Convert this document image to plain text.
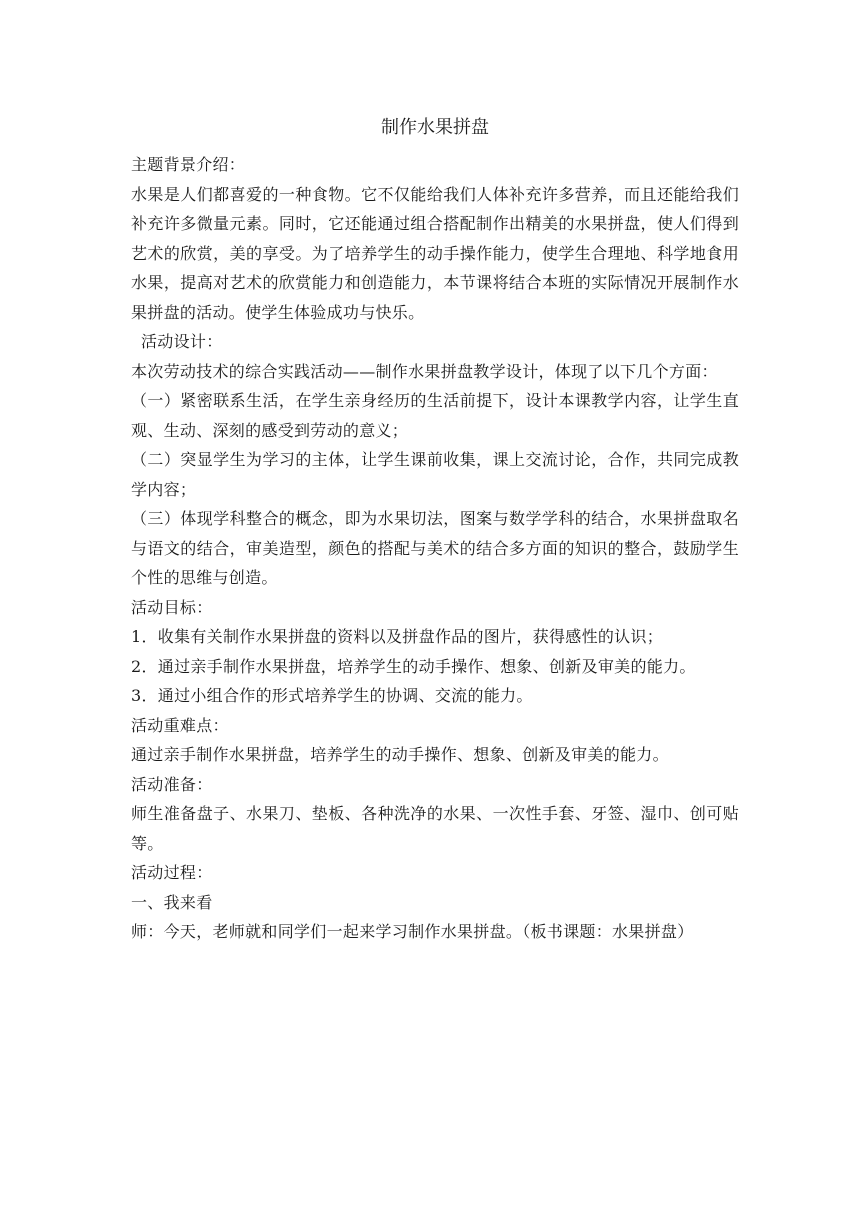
制作水果拼盘

主题背景介绍：

水果是人们都喜爱的一种食物。它不仅能给我们人体补充许多营养，而且还能给我们补充许多微量元素。同时，它还能通过组合搭配制作出精美的水果拼盘，使人们得到艺术的欣赏，美的享受。为了培养学生的动手操作能力，使学生合理地、科学地食用水果，提高对艺术的欣赏能力和创造能力，本节课将结合本班的实际情况开展制作水果拼盘的活动。使学生体验成功与快乐。

活动设计：

本次劳动技术的综合实践活动——制作水果拼盘教学设计，体现了以下几个方面：

（一）紧密联系生活，在学生亲身经历的生活前提下，设计本课教学内容，让学生直观、生动、深刻的感受到劳动的意义；

（二）突显学生为学习的主体，让学生课前收集，课上交流讨论，合作，共同完成教学内容；

（三）体现学科整合的概念，即为水果切法，图案与数学学科的结合，水果拼盘取名与语文的结合，审美造型，颜色的搭配与美术的结合多方面的知识的整合，鼓励学生个性的思维与创造。

活动目标：

1．收集有关制作水果拼盘的资料以及拼盘作品的图片，获得感性的认识；

2．通过亲手制作水果拼盘，培养学生的动手操作、想象、创新及审美的能力。

3．通过小组合作的形式培养学生的协调、交流的能力。

活动重难点：

通过亲手制作水果拼盘，培养学生的动手操作、想象、创新及审美的能力。

活动准备：

师生准备盘子、水果刀、垫板、各种洗净的水果、一次性手套、牙签、湿巾、创可贴等。

活动过程：

一、我来看

师：今天，老师就和同学们一起来学习制作水果拼盘。（板书课题：水果拼盘）
